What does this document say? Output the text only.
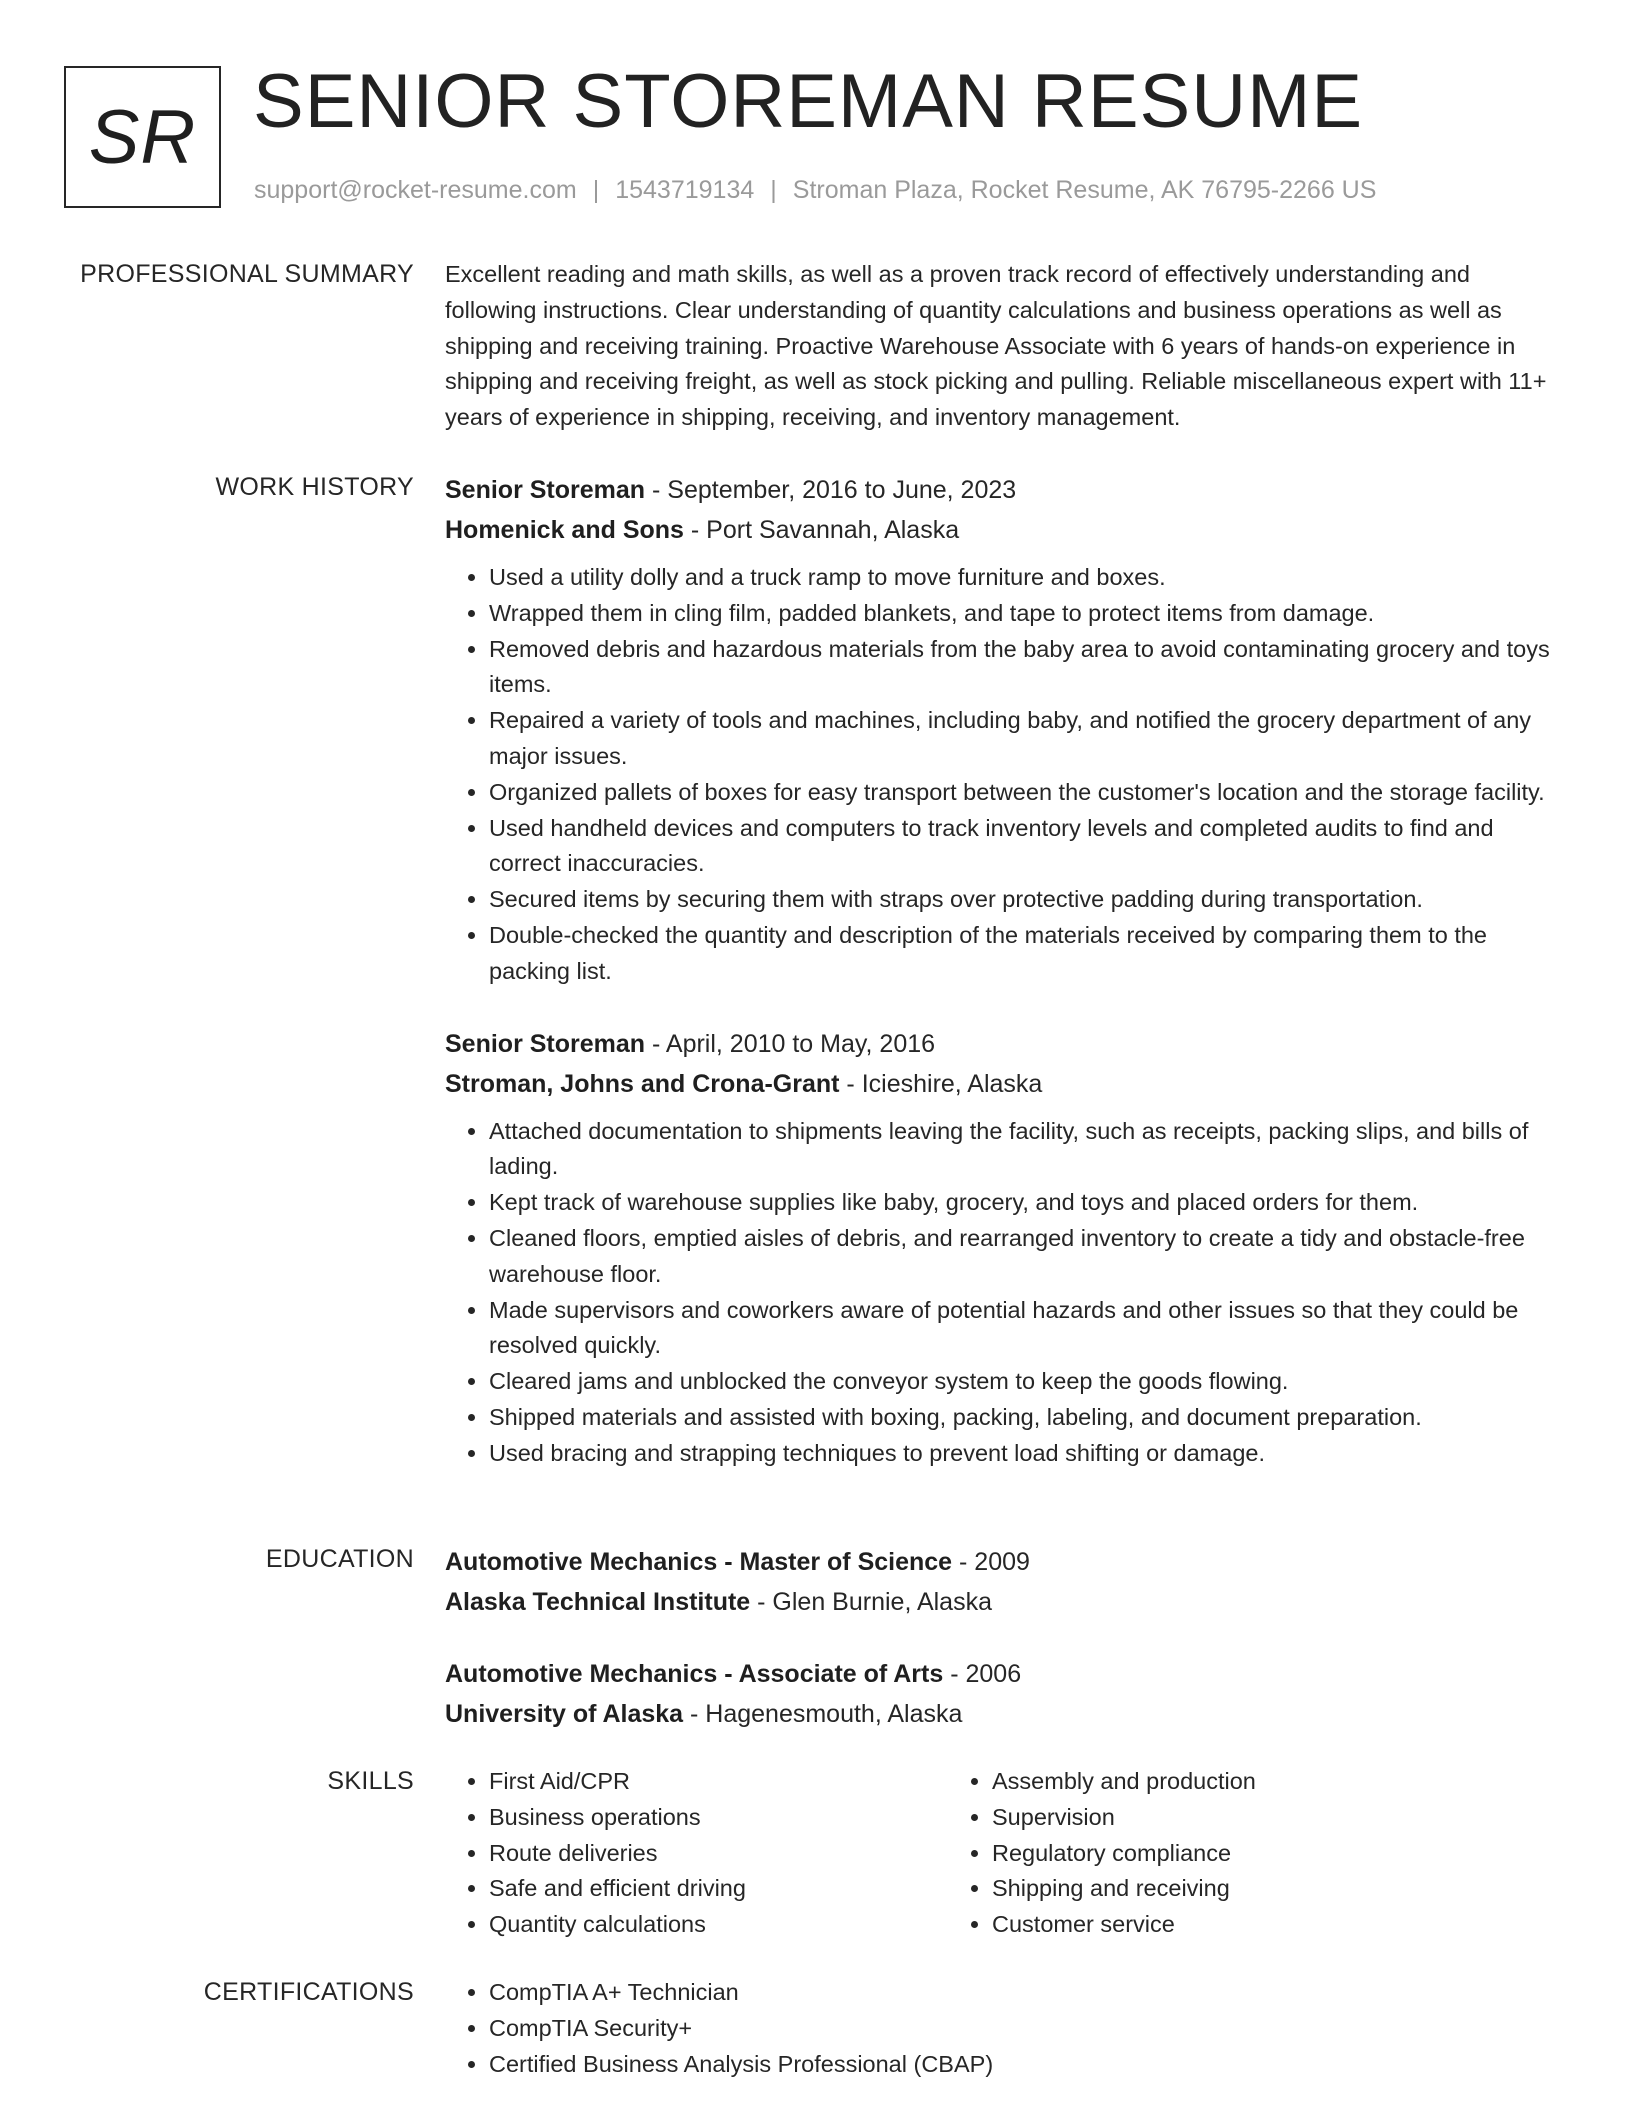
SR SENIOR STOREMAN RESUME
support@rocket-resume.com | 1543719134 | Stroman Plaza, Rocket Resume, AK 76795-2266 US
PROFESSIONAL SUMMARY Excellent reading and math skills, as well as a proven track record of effectively understanding and following instructions. Clear understanding of quantity calculations and business operations as well as shipping and receiving training. Proactive Warehouse Associate with 6 years of hands-on experience in shipping and receiving freight, as well as stock picking and pulling. Reliable miscellaneous expert with 11+ years of experience in shipping, receiving, and inventory management.

WORK HISTORY Senior Storeman - September, 2016 to June, 2023
Homenick and Sons - Port Savannah, Alaska
• Used a utility dolly and a truck ramp to move furniture and boxes.
• Wrapped them in cling film, padded blankets, and tape to protect items from damage.
• Removed debris and hazardous materials from the baby area to avoid contaminating grocery and toys items.
• Repaired a variety of tools and machines, including baby, and notified the grocery department of any major issues.
• Organized pallets of boxes for easy transport between the customer's location and the storage facility.
• Used handheld devices and computers to track inventory levels and completed audits to find and correct inaccuracies.
• Secured items by securing them with straps over protective padding during transportation.
• Double-checked the quantity and description of the materials received by comparing them to the packing list.
Senior Storeman - April, 2010 to May, 2016
Stroman, Johns and Crona-Grant - Icieshire, Alaska
• Attached documentation to shipments leaving the facility, such as receipts, packing slips, and bills of lading.
• Kept track of warehouse supplies like baby, grocery, and toys and placed orders for them.
• Cleaned floors, emptied aisles of debris, and rearranged inventory to create a tidy and obstacle-free warehouse floor.
• Made supervisors and coworkers aware of potential hazards and other issues so that they could be resolved quickly.
• Cleared jams and unblocked the conveyor system to keep the goods flowing.
• Shipped materials and assisted with boxing, packing, labeling, and document preparation.
• Used bracing and strapping techniques to prevent load shifting or damage.
EDUCATION Automotive Mechanics - Master of Science - 2009
Alaska Technical Institute - Glen Burnie, Alaska
Automotive Mechanics - Associate of Arts - 2006
University of Alaska - Hagenesmouth, Alaska
SKILLS	• First Aid/CPR
• Business operations
• Route deliveries
• Safe and efficient driving
• Quantity calculations
• Assembly and production
• Supervision
• Regulatory compliance
• Shipping and receiving
• Customer service
CERTIFICATIONS	• CompTIA A+ Technician
• CompTIA Security+
• Certified Business Analysis Professional (CBAP)
